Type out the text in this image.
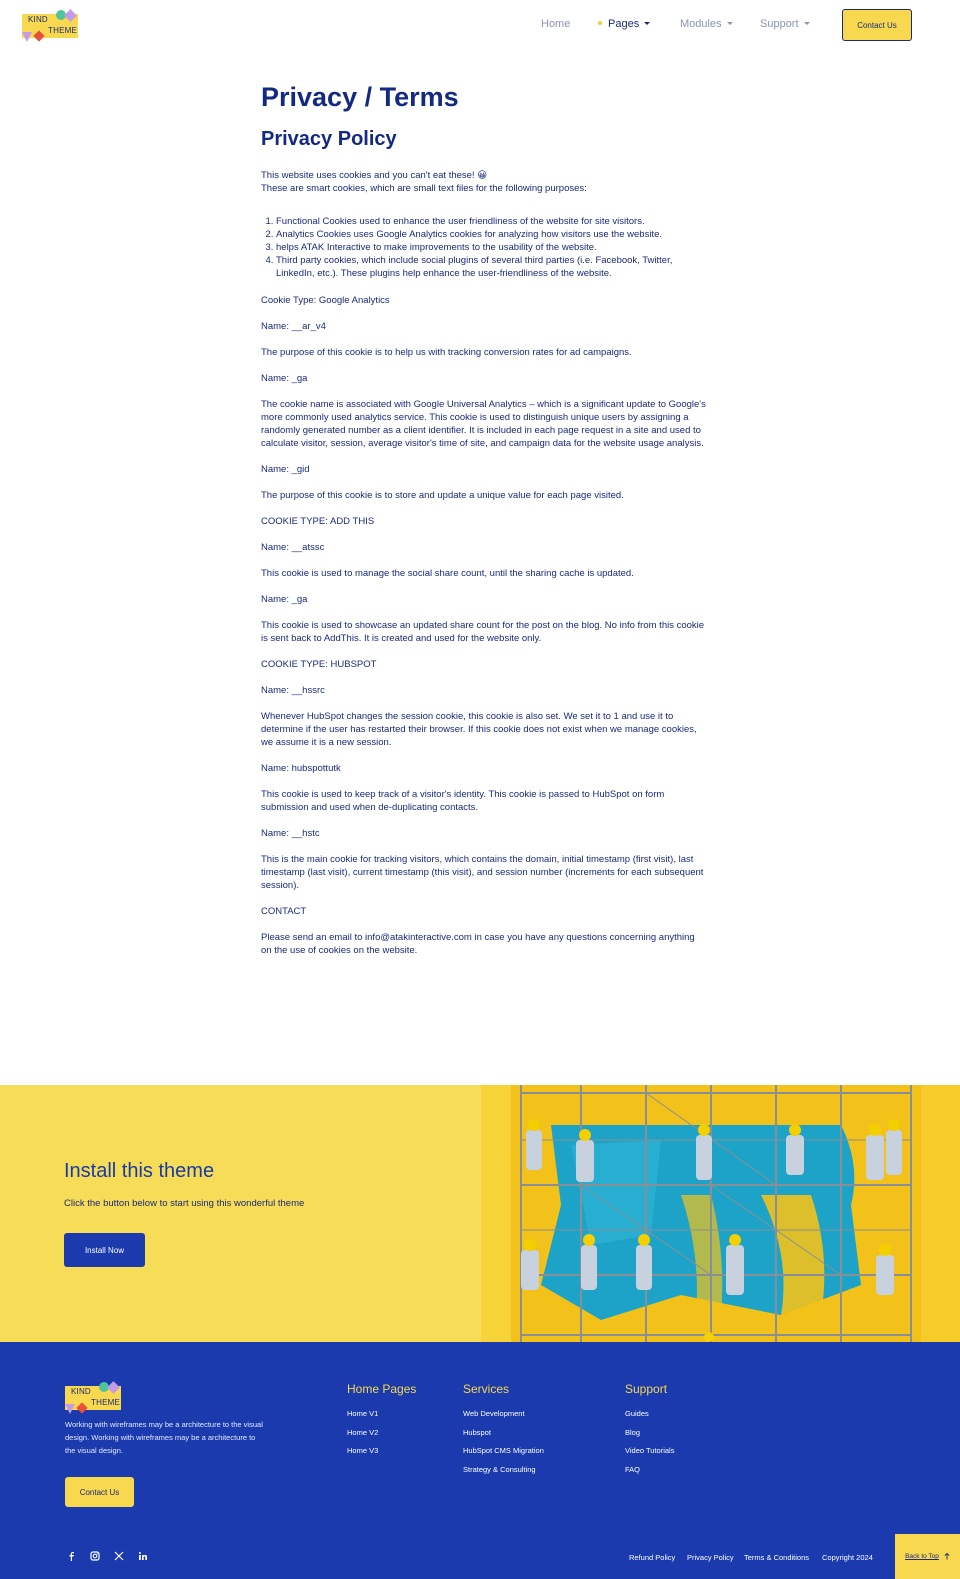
KIND
THEME
Home	Pages	Modules	Support	Contact Us
Privacy / Terms
Privacy Policy
This website uses cookies and you can't eat these! 😀
These are smart cookies, which are small text files for the following purposes:
1. Functional Cookies used to enhance the user friendliness of the website for site visitors.
2. Analytics Cookies uses Google Analytics cookies for analyzing how visitors use the website.
3. helps ATAK Interactive to make improvements to the usability of the website.
4. Third party cookies, which include social plugins of several third parties (i.e. Facebook, Twitter, LinkedIn, etc.). These plugins help enhance the user-friendliness of the website.

Cookie Type: Google Analytics

Name: __ar_v4

The purpose of this cookie is to help us with tracking conversion rates for ad campaigns.

Name: _ga

The cookie name is associated with Google Universal Analytics – which is a significant update to Google's more commonly used analytics service. This cookie is used to distinguish unique users by assigning a randomly generated number as a client identifier. It is included in each page request in a site and used to calculate visitor, session, average visitor's time of site, and campaign data for the website usage analysis.

Name: _gid

The purpose of this cookie is to store and update a unique value for each page visited.

COOKIE TYPE: ADD THIS

Name: __atssc

This cookie is used to manage the social share count, until the sharing cache is updated.

Name: _ga

This cookie is used to showcase an updated share count for the post on the blog. No info from this cookie is sent back to AddThis. It is created and used for the website only.

COOKIE TYPE: HUBSPOT

Name: __hssrc

Whenever HubSpot changes the session cookie, this cookie is also set. We set it to 1 and use it to determine if the user has restarted their browser. If this cookie does not exist when we manage cookies, we assume it is a new session.

Name: hubspottutk

This cookie is used to keep track of a visitor's identity. This cookie is passed to HubSpot on form submission and used when de-duplicating contacts.

Name: __hstc

This is the main cookie for tracking visitors, which contains the domain, initial timestamp (first visit), last timestamp (last visit), current timestamp (this visit), and session number (increments for each subsequent session).

CONTACT

Please send an email to info@atakinteractive.com in case you have any questions concerning anything on the use of cookies on the website.

Install this theme
Click the button below to start using this wonderful theme
Install Now
KIND
THEME
Working with wireframes may be a architecture to the visual design. Working with wireframes may be a architecture to the visual design.
Contact Us
Home Pages
Home V1
Home V2
Home V3
Services
Web Development
Hubspot
HubSpot CMS Migration
Strategy & Consulting
Support
Guides
Blog
Video Tutorials
FAQ
Refund Policy Privacy Policy Terms & Conditions Copyright 2024	Back to Top
